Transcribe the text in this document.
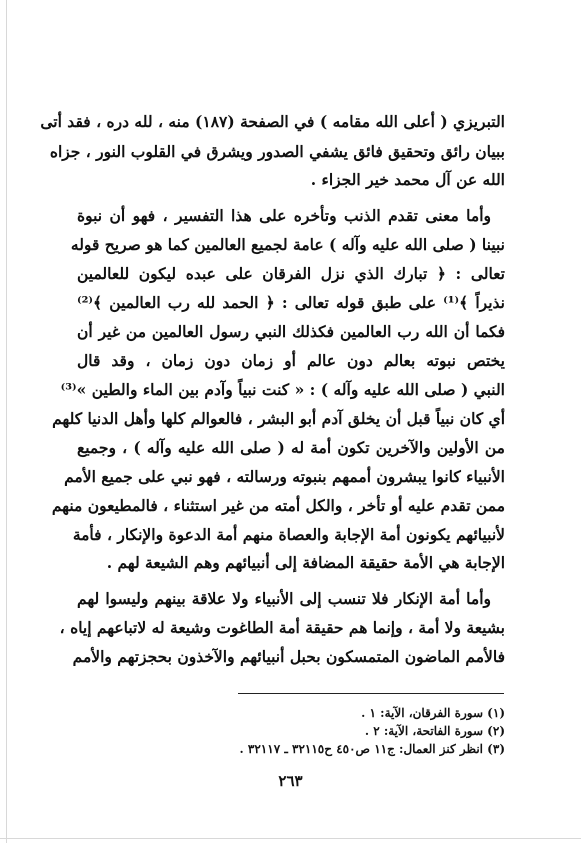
التبريزي ( أعلى الله مقامه ) في الصفحة (١٨٧) منه ، لله دره ، فقد أتى
ببيان رائق وتحقيق فائق يشفي الصدور ويشرق في القلوب النور ، جزاه
الله عن آل محمد خير الجزاء .
وأما معنى تقدم الذنب وتأخره على هذا التفسير ، فهو أن نبوة
نبينا ( صلى الله عليه وآله ) عامة لجميع العالمين كما هو صريح قوله
تعالى : ﴿ تبارك الذي نزل الفرقان على عبده ليكون للعالمين
نذيراً ﴾⁽¹⁾ على طبق قوله تعالى : ﴿ الحمد لله رب العالمين ﴾⁽²⁾
فكما أن الله رب العالمين فكذلك النبي رسول العالمين من غير أن
يختص نبوته بعالم دون عالم أو زمان دون زمان ، وقد قال
النبي ( صلى الله عليه وآله ) : « كنت نبياً وآدم بين الماء والطين »⁽³⁾
أي كان نبياً قبل أن يخلق آدم أبو البشر ، فالعوالم كلها وأهل الدنيا كلهم
من الأولين والآخرين تكون أمة له ( صلى الله عليه وآله ) ، وجميع
الأنبياء كانوا يبشرون أممهم بنبوته ورسالته ، فهو نبي على جميع الأمم
ممن تقدم عليه أو تأخر ، والكل أمته من غير استثناء ، فالمطيعون منهم
لأنبيائهم يكونون أمة الإجابة والعصاة منهم أمة الدعوة والإنكار ، فأمة
الإجابة هي الأمة حقيقة المضافة إلى أنبيائهم وهم الشيعة لهم .
وأما أمة الإنكار فلا تنسب إلى الأنبياء ولا علاقة بينهم وليسوا لهم
بشيعة ولا أمة ، وإنما هم حقيقة أمة الطاغوت وشيعة له لاتباعهم إياه ،
فالأمم الماضون المتمسكون بحبل أنبيائهم والآخذون بحجزتهم والأمم
(١) سورة الفرقان، الآية: ١ .
(٢) سورة الفاتحة، الآية: ٢ .
(٣) انظر كنز العمال: ج١١ ص٤٥٠ ح٣٢١١٥ ـ ٣٢١١٧ .
٢٦٣
